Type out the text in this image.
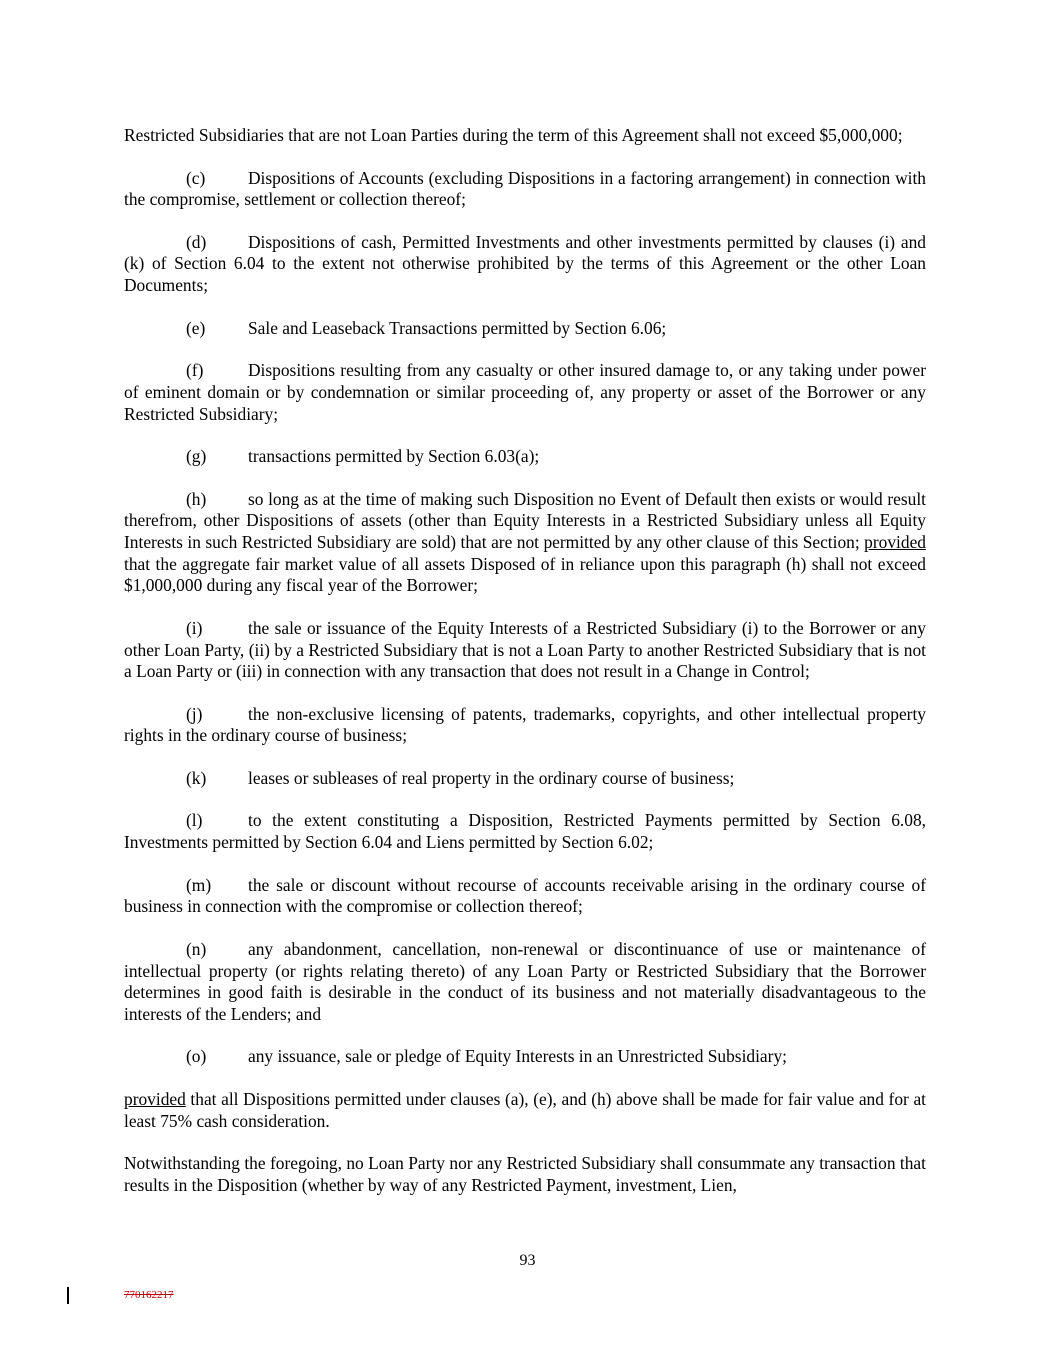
Restricted Subsidiaries that are not Loan Parties during the term of this Agreement shall not exceed $5,000,000;

(c) Dispositions of Accounts (excluding Dispositions in a factoring arrangement) in connection with the compromise, settlement or collection thereof;

(d) Dispositions of cash, Permitted Investments and other investments permitted by clauses (i) and (k) of Section 6.04 to the extent not otherwise prohibited by the terms of this Agreement or the other Loan Documents;

(e) Sale and Leaseback Transactions permitted by Section 6.06;

(f)	Dispositions resulting from any casualty or other insured damage to, or any taking under power of eminent domain or by condemnation or similar proceeding of, any property or asset of the Borrower or any Restricted Subsidiary;

(g) transactions permitted by Section 6.03(a);

(h) so long as at the time of making such Disposition no Event of Default then exists or would result therefrom, other Dispositions of assets (other than Equity Interests in a Restricted Subsidiary unless all Equity Interests in such Restricted Subsidiary are sold) that are not permitted by any other clause of this Section; provided that the aggregate fair market value of all assets Disposed of in reliance upon this paragraph (h) shall not exceed $1,000,000 during any fiscal year of the Borrower;

(i)	the sale or issuance of the Equity Interests of a Restricted Subsidiary (i) to the Borrower or any other Loan Party, (ii) by a Restricted Subsidiary that is not a Loan Party to another Restricted Subsidiary that is not a Loan Party or (iii) in connection with any transaction that does not result in a Change in Control;

(j)	the non-exclusive licensing of patents, trademarks, copyrights, and other intellectual property rights in the ordinary course of business;

(k) leases or subleases of real property in the ordinary course of business;

(l)	to the extent constituting a Disposition, Restricted Payments permitted by Section 6.08, Investments permitted by Section 6.04 and Liens permitted by Section 6.02;

(m) the sale or discount without recourse of accounts receivable arising in the ordinary course of business in connection with the compromise or collection thereof;

(n) any abandonment, cancellation, non-renewal or discontinuance of use or maintenance of intellectual property (or rights relating thereto) of any Loan Party or Restricted Subsidiary that the Borrower determines in good faith is desirable in the conduct of its business and not materially disadvantageous to the interests of the Lenders; and

(o) any issuance, sale or pledge of Equity Interests in an Unrestricted Subsidiary;

provided that all Dispositions permitted under clauses (a), (e), and (h) above shall be made for fair value and for at least 75% cash consideration.

Notwithstanding the foregoing, no Loan Party nor any Restricted Subsidiary shall consummate any transaction that results in the Disposition (whether by way of any Restricted Payment, investment, Lien,

93
770162217
